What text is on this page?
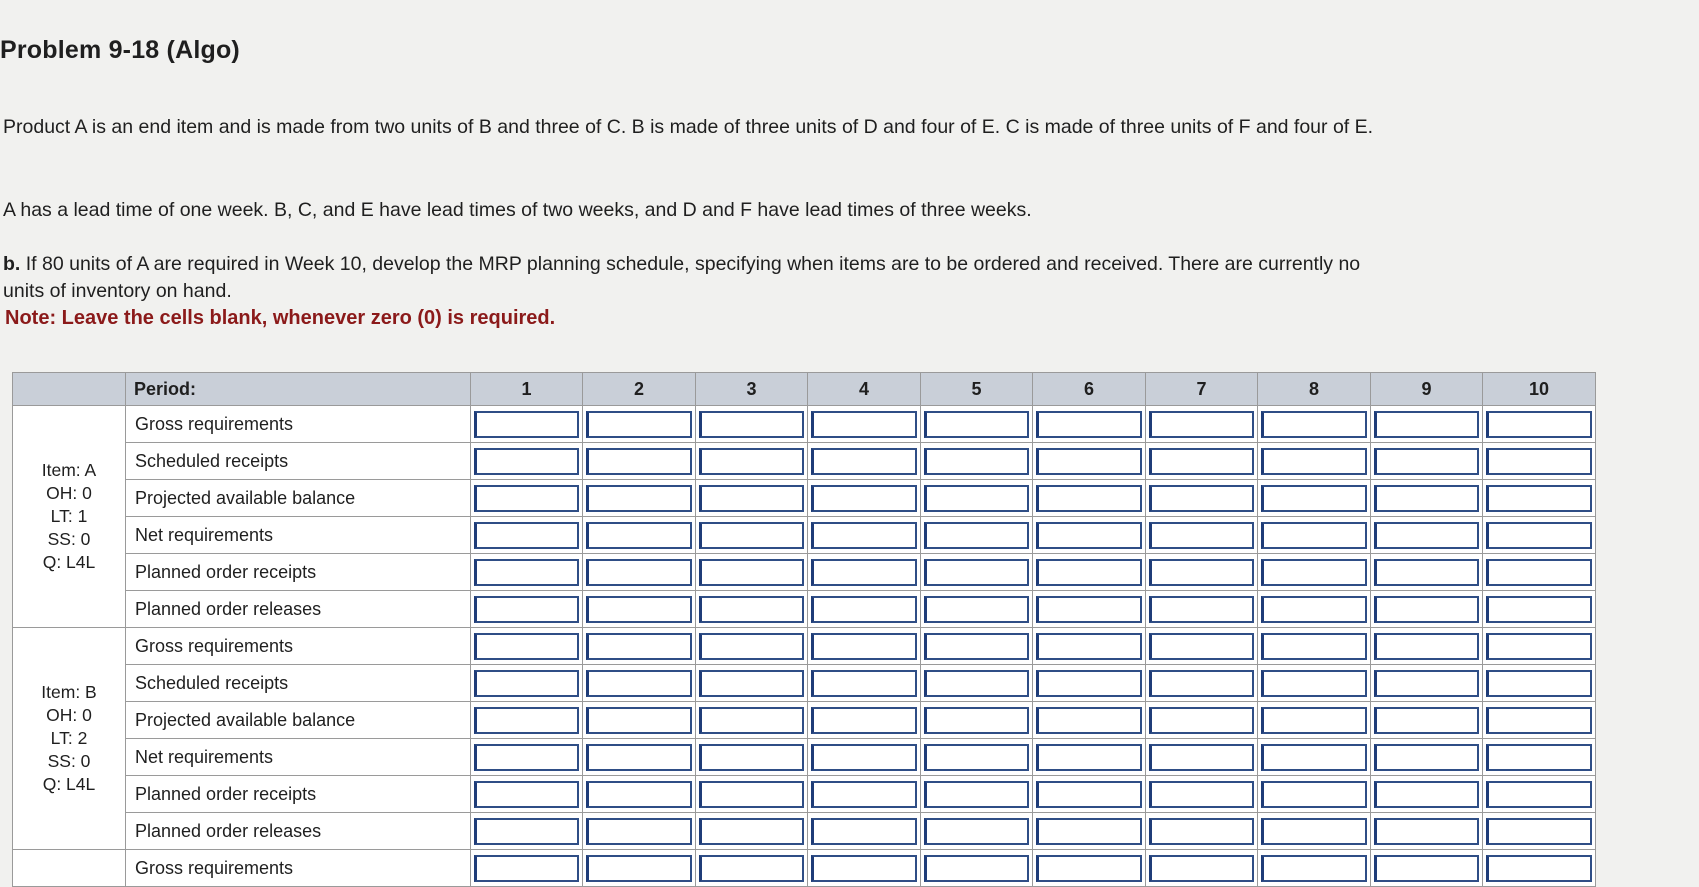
Problem 9-18 (Algo)
Product A is an end item and is made from two units of B and three of C. B is made of three units of D and four of E. C is made of three units of F and four of E.
A has a lead time of one week. B, C, and E have lead times of two weeks, and D and F have lead times of three weeks.
b. If 80 units of A are required in Week 10, develop the MRP planning schedule, specifying when items are to be ordered and received. There are currently no units of inventory on hand.
Note: Leave the cells blank, whenever zero (0) is required.
	Period:	1	2	3	4	5	6	7	8	9	10

Item: A
OH: 0
LT: 1
SS: 0
Q: L4L	Gross requirements	

	Scheduled receipts	

	Projected available balance	

	Net requirements	

	Planned order receipts	

	Planned order releases	

Item: B
OH: 0
LT: 2
SS: 0
Q: L4L	Gross requirements	

	Scheduled receipts	

	Projected available balance	

	Net requirements	

	Planned order receipts	

	Planned order releases	

	Gross requirements	
